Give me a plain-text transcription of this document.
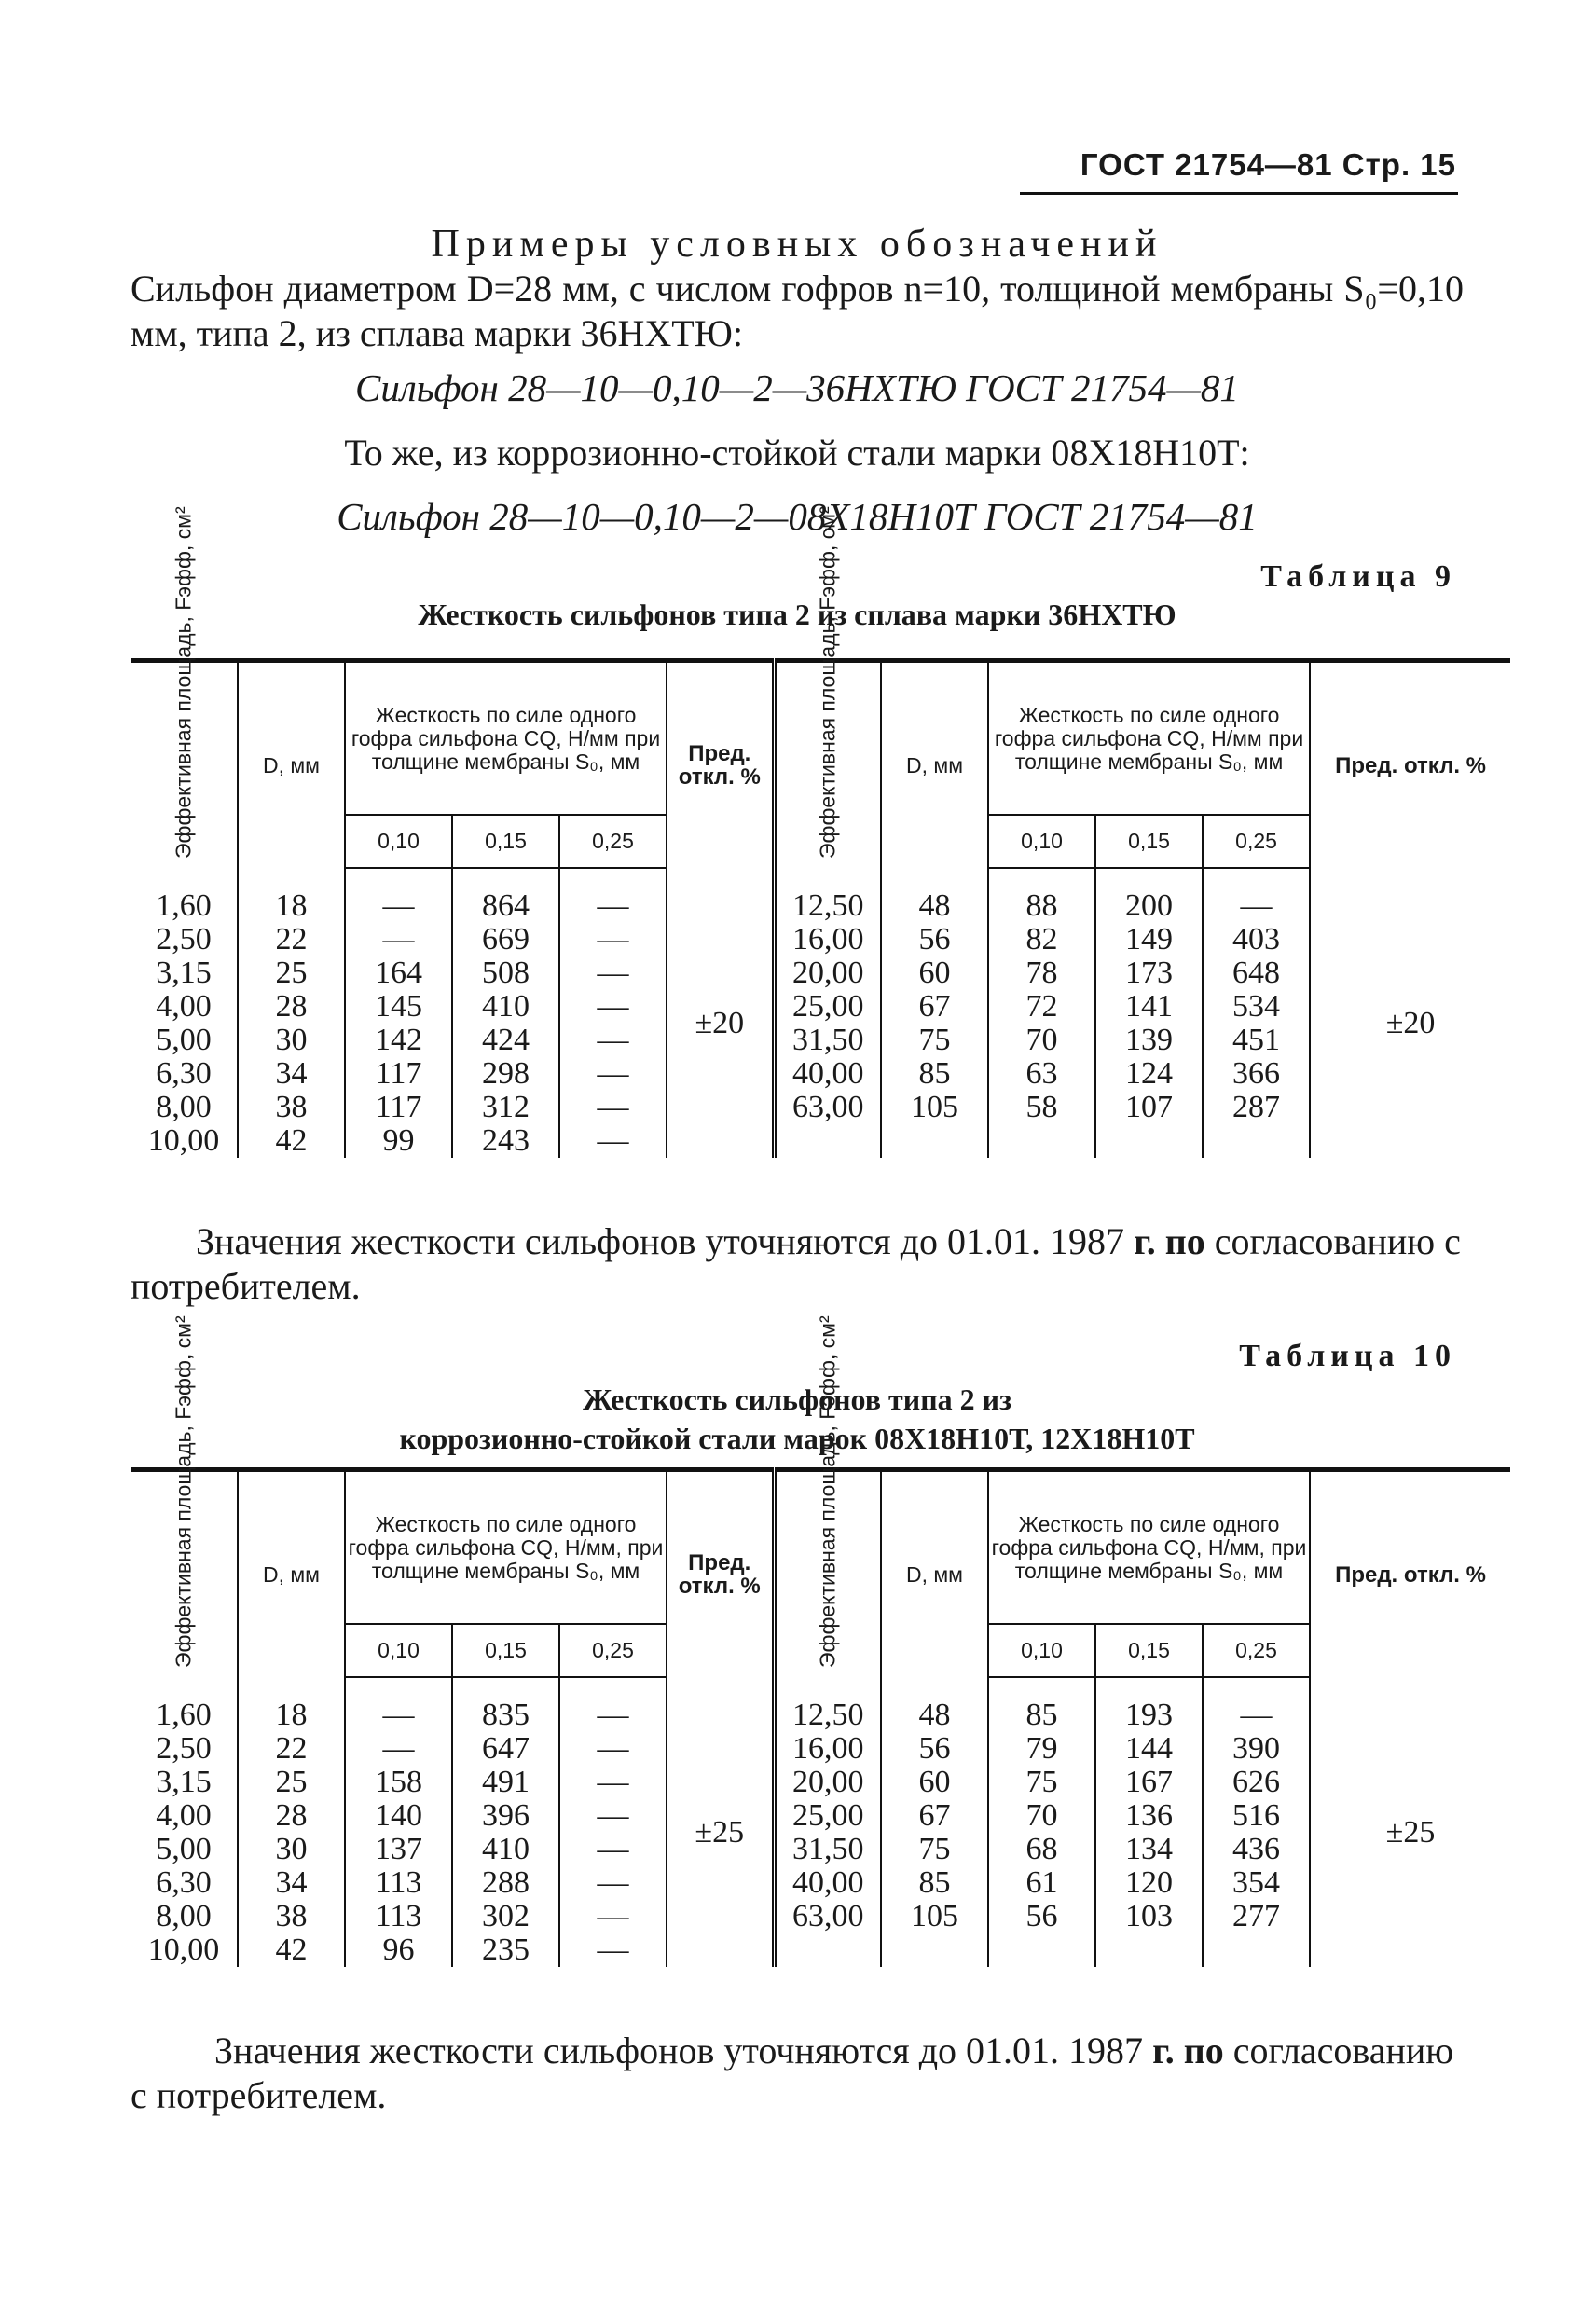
ГОСТ 21754—81 Стр. 15
Примеры условных обозначений
Сильфон диаметром D=28 мм, с числом гофров n=10, толщиной мембраны S₀=0,10 мм, типа 2, из сплава марки 36НХТЮ:
Сильфон 28—10—0,10—2—36НХТЮ ГОСТ 21754—81
То же, из коррозионно-стойкой стали марки 08Х18Н10Т:
Сильфон 28—10—0,10—2—08Х18Н10Т ГОСТ 21754—81
Таблица 9
Жесткость сильфонов типа 2 из сплава марки 36НХТЮ
Эффективная площадь, Fэфф, см²	D, мм	Жесткость по силе одного гофра сильфона CQ, Н/мм при толщине мембраны S₀, мм			Пред. откл. %	Эффективная площадь, Fэфф, см²	D, мм	Жесткость по силе одного гофра сильфона CQ, Н/мм при толщине мембраны S₀, мм			Пред. откл. %	
		0,10	0,15	0,25				0,10	0,15	0,25		

1,60	18	—	864	—	±20	12,50	48	88	200	—	±20	
2,50	22	—	669	—		16,00	56	82	149	403		
3,15	25	164	508	—		20,00	60	78	173	648		
4,00	28	145	410	—		25,00	67	72	141	534		
5,00	30	142	424	—		31,50	75	70	139	451		
6,30	34	117	298	—		40,00	85	63	124	366		
8,00	38	117	312	—		63,00	105	58	107	287		
10,00	42	99	243	—								
Значения жесткости сильфонов уточняются до 01.01. 1987 г. по согласованию с потребителем.
Таблица 10
Жесткость сильфонов типа 2 из
коррозионно-стойкой стали марок 08Х18Н10Т, 12Х18Н10Т
Эффективная площадь, Fэфф, см²	D, мм	Жесткость по силе одного гофра сильфона CQ, Н/мм, при толщине мембраны S₀, мм			Пред. откл. %	Эффективная площадь, Fэфф, см²	D, мм	Жесткость по силе одного гофра сильфона CQ, Н/мм, при толщине мембраны S₀, мм			Пред. откл. %	
		0,10	0,15	0,25				0,10	0,15	0,25		

1,60	18	—	835	—	±25	12,50	48	85	193	—	±25	
2,50	22	—	647	—		16,00	56	79	144	390		
3,15	25	158	491	—		20,00	60	75	167	626		
4,00	28	140	396	—		25,00	67	70	136	516		
5,00	30	137	410	—		31,50	75	68	134	436		
6,30	34	113	288	—		40,00	85	61	120	354		
8,00	38	113	302	—		63,00	105	56	103	277		
10,00	42	96	235	—								
Значения жесткости сильфонов уточняются до 01.01. 1987 г. по согласованию с потребителем.
